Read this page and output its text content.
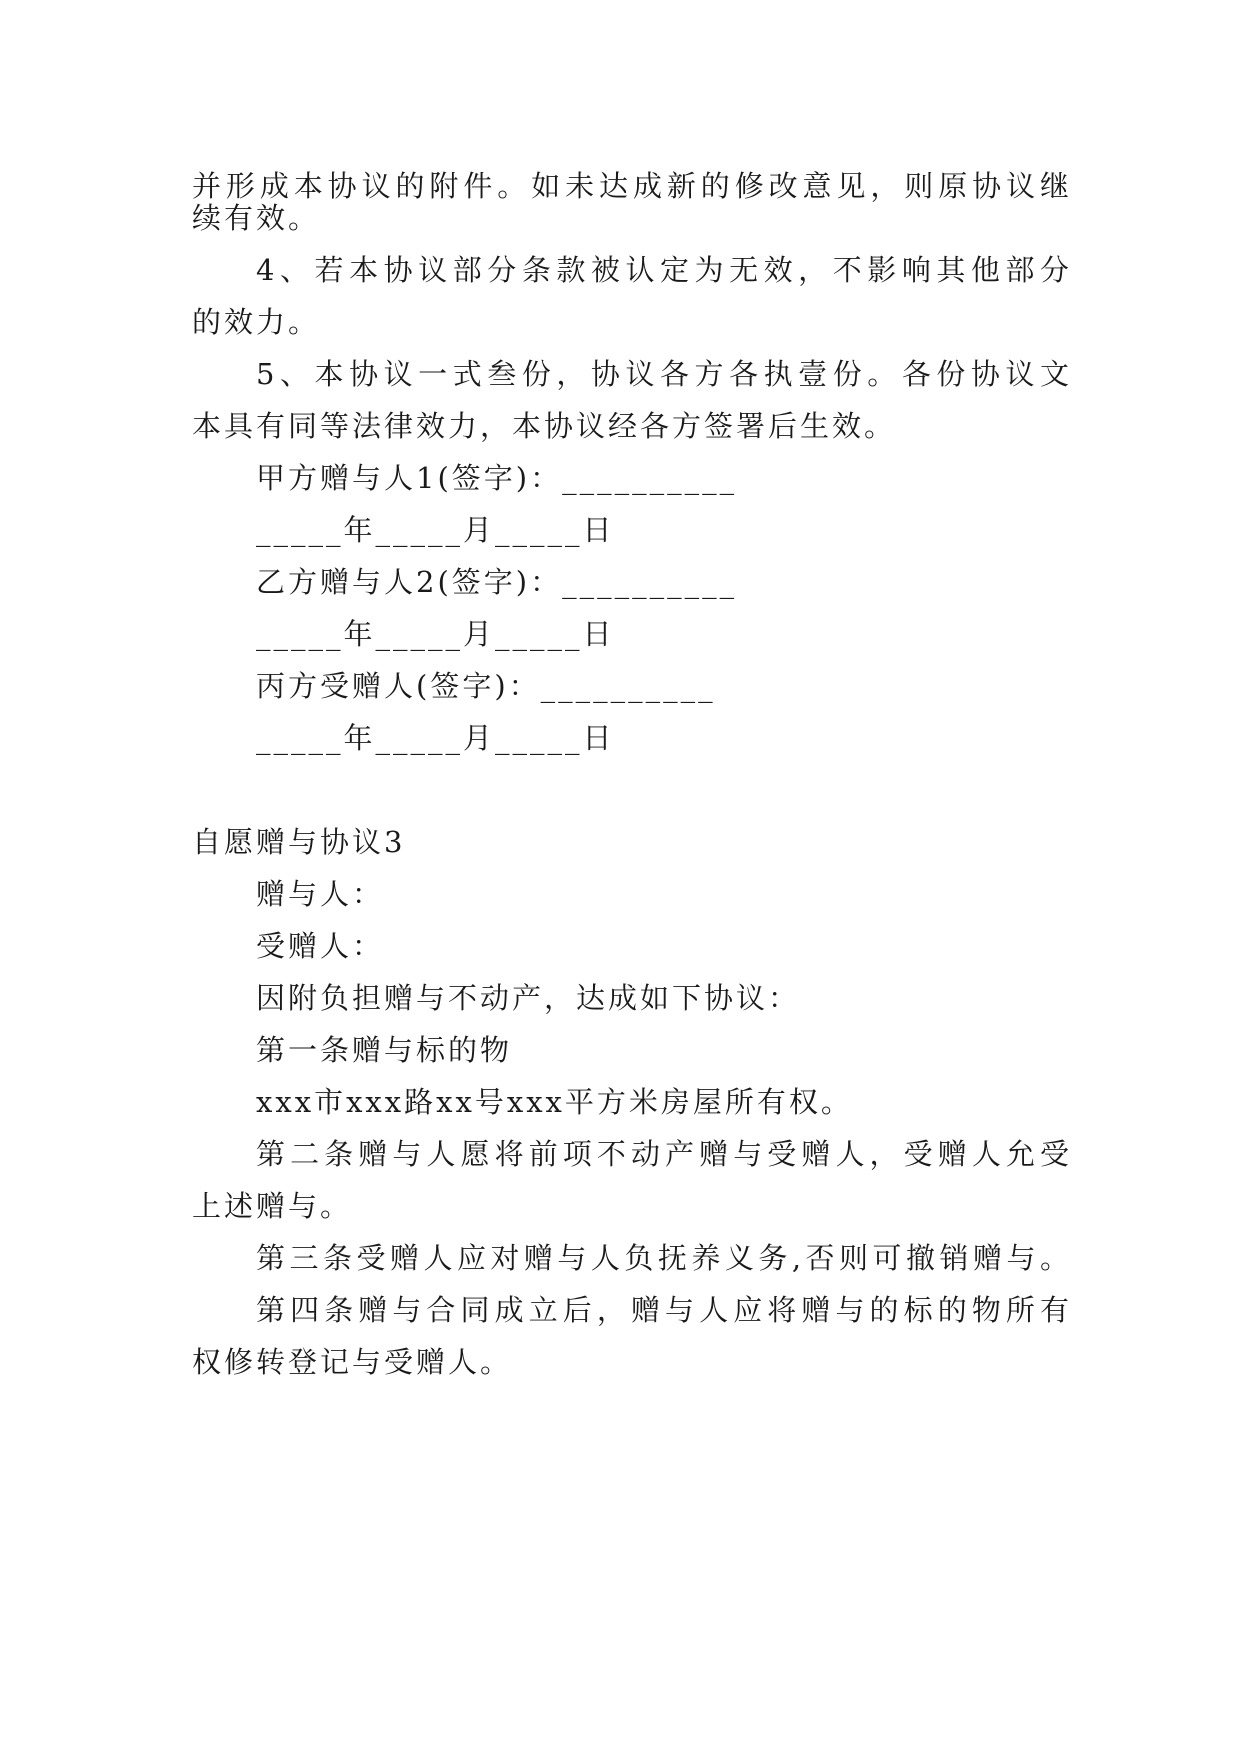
并形成本协议的附件。如未达成新的修改意见，则原协议继
续有效。
4、若本协议部分条款被认定为无效，不影响其他部分
的效力。
5、本协议一式叁份，协议各方各执壹份。各份协议文
本具有同等法律效力，本协议经各方签署后生效。
甲方赠与人1(签字)：__________
_____年_____月_____日
乙方赠与人2(签字)：__________
_____年_____月_____日
丙方受赠人(签字)：__________
_____年_____月_____日
自愿赠与协议3
赠与人：
受赠人：
因附负担赠与不动产，达成如下协议：
第一条赠与标的物
xxx市xxx路xx号xxx平方米房屋所有权。
第二条赠与人愿将前项不动产赠与受赠人，受赠人允受
上述赠与。
第三条受赠人应对赠与人负抚养义务,否则可撤销赠与。
第四条赠与合同成立后，赠与人应将赠与的标的物所有
权修转登记与受赠人。
